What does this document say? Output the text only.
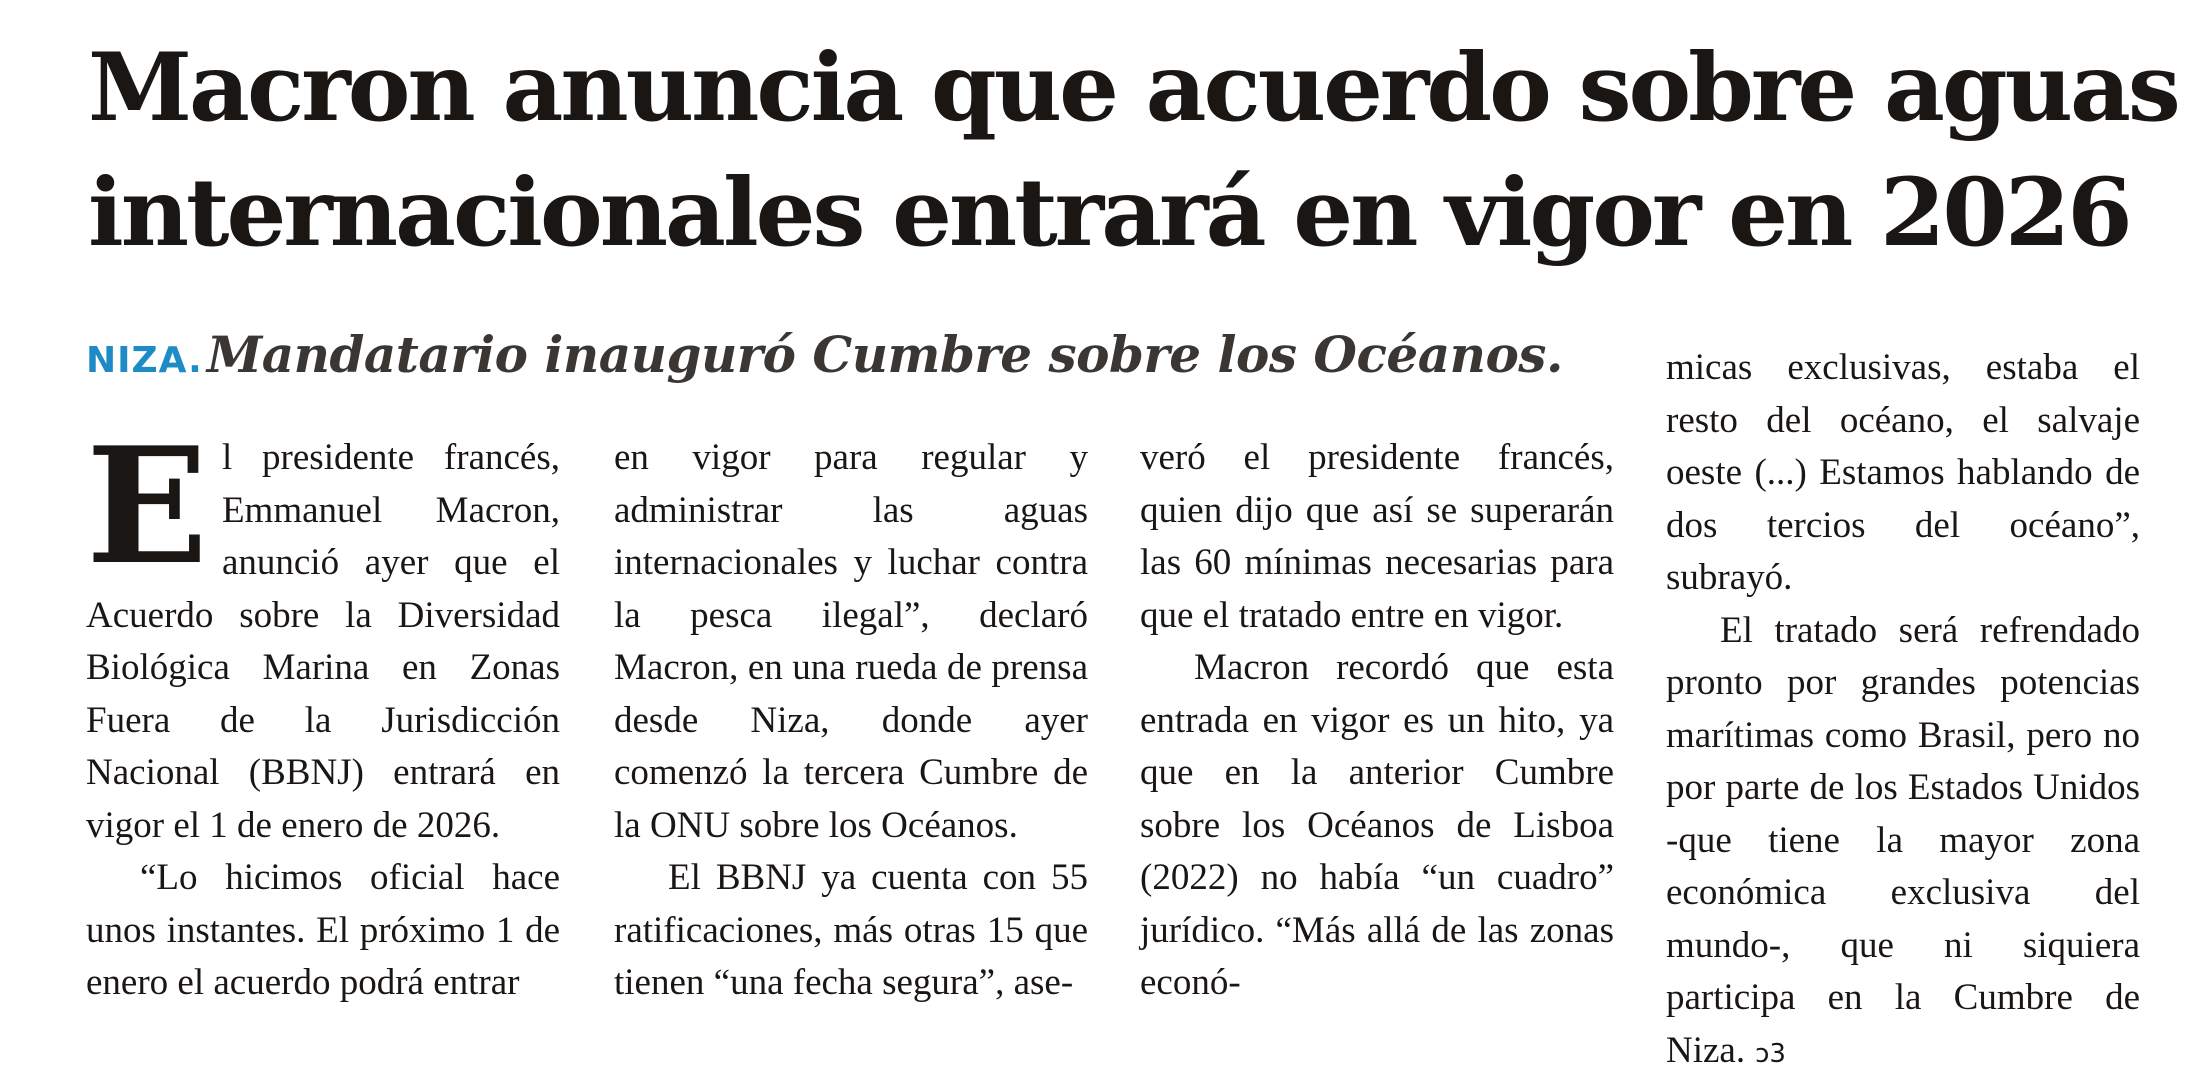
Macron anuncia que acuerdo sobre aguas
internacionales entrará en vigor en 2026
NIZA. Mandatario inauguró Cumbre sobre los Océanos.

El presidente francés, Emmanuel Macron, anunció ayer que el Acuerdo sobre la Diversidad Biológica Marina en Zonas Fuera de la Jurisdicción Nacional (BBNJ) entrará en vigor el 1 de enero de 2026.

“Lo hicimos oficial hace unos instantes. El próximo 1 de enero el acuerdo podrá entrar

en vigor para regular y administrar las aguas internacionales y luchar contra la pesca ilegal”, declaró Macron, en una rueda de prensa desde Niza, donde ayer comenzó la tercera Cumbre de la ONU sobre los Océanos.

El BBNJ ya cuenta con 55 ratificaciones, más otras 15 que tienen “una fecha segura”, ase-

veró el presidente francés, quien dijo que así se superarán las 60 mínimas necesarias para que el tratado entre en vigor.

Macron recordó que esta entrada en vigor es un hito, ya que en la anterior Cumbre sobre los Océanos de Lisboa (2022) no había “un cuadro” jurídico. “Más allá de las zonas econó-

micas exclusivas, estaba el resto del océano, el salvaje oeste (...) Estamos hablando de dos tercios del océano”, subrayó.

El tratado será refrendado pronto por grandes potencias marítimas como Brasil, pero no por parte de los Estados Unidos -que tiene la mayor zona económica exclusiva del mundo-, que ni siquiera participa en la Cumbre de Niza. ↄ3
